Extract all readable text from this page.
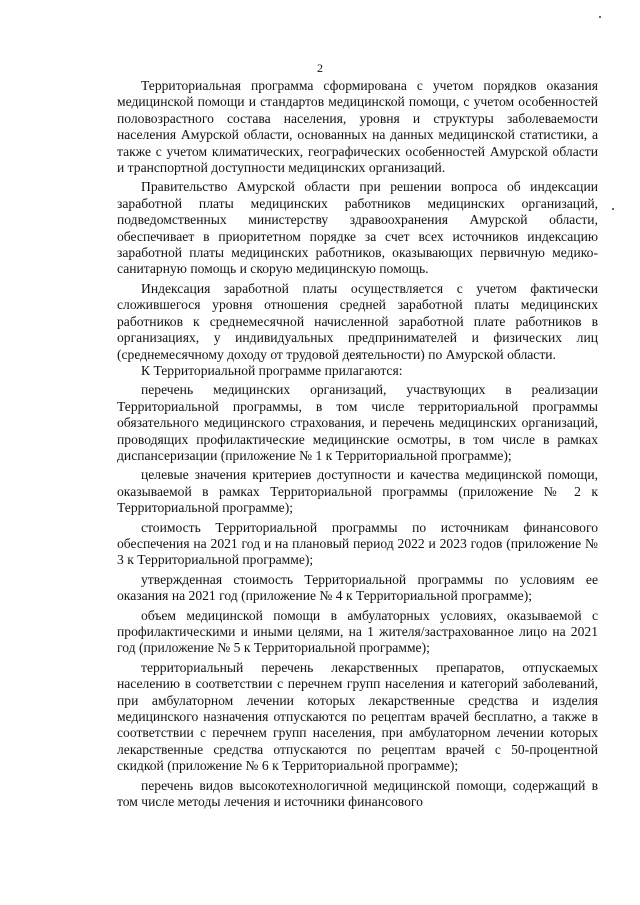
2

Территориальная программа сформирована с учетом порядков оказания медицинской помощи и стандартов медицинской помощи, с учетом особенностей половозрастного состава населения, уровня и структуры заболеваемости населения Амурской области, основанных на данных медицинской статистики, а также с учетом климатических, географических особенностей Амурской области и транспортной доступности медицинских организаций.

Правительство Амурской области при решении вопроса об индексации заработной платы медицинских работников медицинских организаций, подведомственных министерству здравоохранения Амурской области, обеспечивает в приоритетном порядке за счет всех источников индексацию заработной платы медицинских работников, оказывающих первичную медико-санитарную помощь и скорую медицинскую помощь.

Индексация заработной платы осуществляется с учетом фактически сложившегося уровня отношения средней заработной платы медицинских работников к среднемесячной начисленной заработной плате работников в организациях, у индивидуальных предпринимателей и физических лиц (среднемесячному доходу от трудовой деятельности) по Амурской области.

К Территориальной программе прилагаются:

перечень медицинских организаций, участвующих в реализации Территориальной программы, в том числе территориальной программы обязательного медицинского страхования, и перечень медицинских организаций, проводящих профилактические медицинские осмотры, в том числе в рамках диспансеризации (приложение № 1 к Территориальной программе);

целевые значения критериев доступности и качества медицинской помощи, оказываемой в рамках Территориальной программы (приложение № 2 к Территориальной программе);

стоимость Территориальной программы по источникам финансового обеспечения на 2021 год и на плановый период 2022 и 2023 годов (приложение № 3 к Территориальной программе);

утвержденная стоимость Территориальной программы по условиям ее оказания на 2021 год (приложение № 4 к Территориальной программе);

объем медицинской помощи в амбулаторных условиях, оказываемой с профилактическими и иными целями, на 1 жителя/застрахованное лицо на 2021 год (приложение № 5 к Территориальной программе);

территориальный перечень лекарственных препаратов, отпускаемых населению в соответствии с перечнем групп населения и категорий заболеваний, при амбулаторном лечении которых лекарственные средства и изделия медицинского назначения отпускаются по рецептам врачей бесплатно, а также в соответствии с перечнем групп населения, при амбулаторном лечении которых лекарственные средства отпускаются по рецептам врачей с 50-процентной скидкой (приложение № 6 к Территориальной программе);

перечень видов высокотехнологичной медицинской помощи, содержащий в том числе методы лечения и источники финансового
